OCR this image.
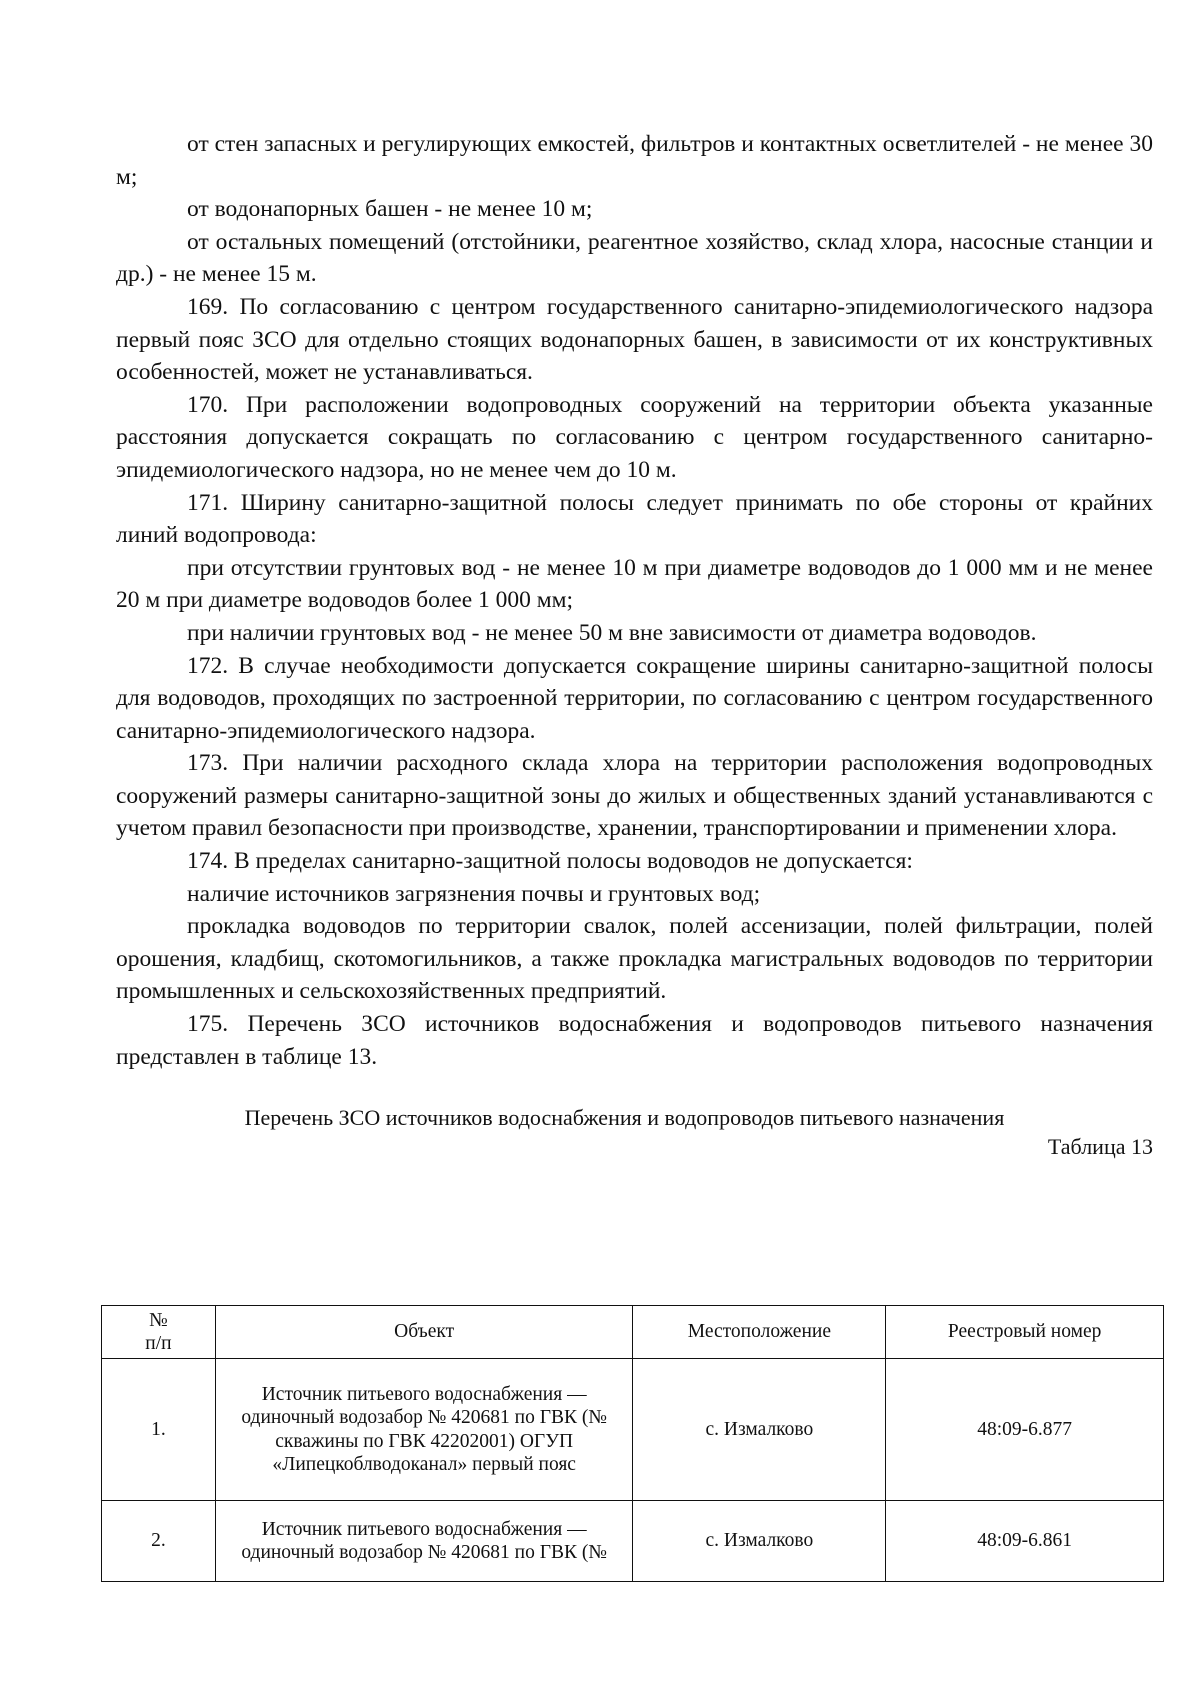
от стен запасных и регулирующих емкостей, фильтров и контактных осветлителей - не менее 30 м;

от водонапорных башен - не менее 10 м;

от остальных помещений (отстойники, реагентное хозяйство, склад хлора, насосные станции и др.) - не менее 15 м.

169. По согласованию с центром государственного санитарно-эпидемиологического надзора первый пояс ЗСО для отдельно стоящих водонапорных башен, в зависимости от их конструктивных особенностей, может не устанавливаться.

170. При расположении водопроводных сооружений на территории объекта указанные расстояния допускается сокращать по согласованию с центром государственного санитарно-эпидемиологического надзора, но не менее чем до 10 м.

171. Ширину санитарно-защитной полосы следует принимать по обе стороны от крайних линий водопровода:

при отсутствии грунтовых вод - не менее 10 м при диаметре водоводов до 1 000 мм и не менее 20 м при диаметре водоводов более 1 000 мм;

при наличии грунтовых вод - не менее 50 м вне зависимости от диаметра водоводов.

172. В случае необходимости допускается сокращение ширины санитарно-защитной полосы для водоводов, проходящих по застроенной территории, по согласованию с центром государственного санитарно-эпидемиологического надзора.

173. При наличии расходного склада хлора на территории расположения водопроводных сооружений размеры санитарно-защитной зоны до жилых и общественных зданий устанавливаются с учетом правил безопасности при производстве, хранении, транспортировании и применении хлора.

174. В пределах санитарно-защитной полосы водоводов не допускается:

наличие источников загрязнения почвы и грунтовых вод;

прокладка водоводов по территории свалок, полей ассенизации, полей фильтрации, полей орошения, кладбищ, скотомогильников, а также прокладка магистральных водоводов по территории промышленных и сельскохозяйственных предприятий.

175. Перечень ЗСО источников водоснабжения и водопроводов питьевого назначения представлен в таблице 13.

Перечень ЗСО источников водоснабжения и водопроводов питьевого назначения
Таблица 13
№
п/п	Объект	Местоположение	Реестровый номер
1.	Источник питьевого водоснабжения — одиночный водозабор № 420681 по ГВК (№ скважины по ГВК 42202001) ОГУП «Липецкоблводоканал» первый пояс	с. Измалково	48:09-6.877
2.	Источник питьевого водоснабжения — одиночный водозабор № 420681 по ГВК (№	с. Измалково	48:09-6.861
